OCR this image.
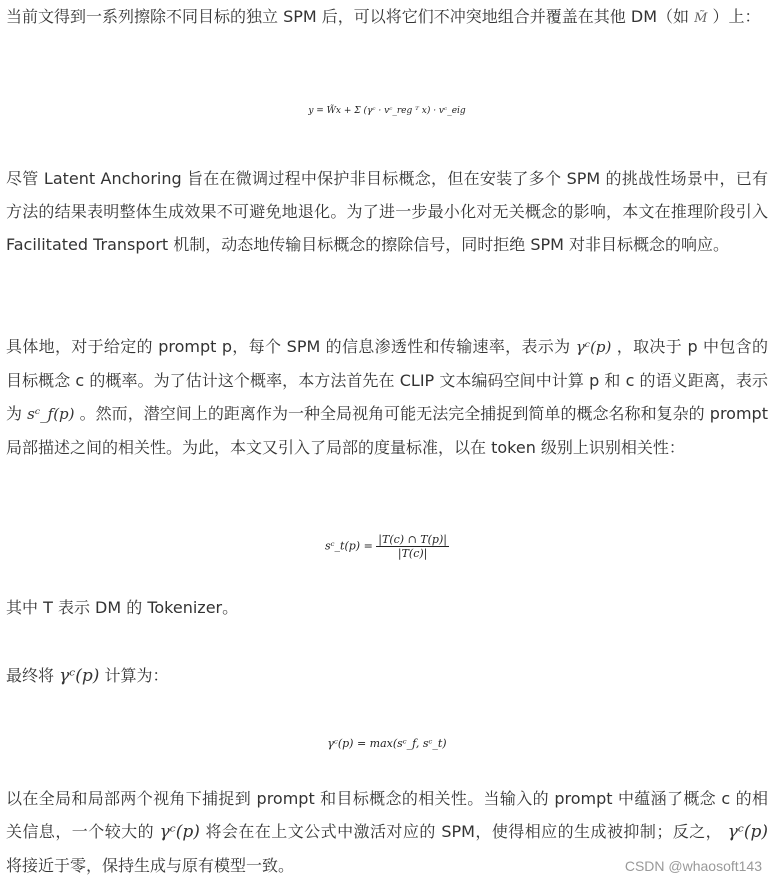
当前文得到一系列擦除不同目标的独立 SPM 后，可以将它们不冲突地组合并覆盖在其他 DM（如 M̃ ）上：

y = W̃x + Σ (γᶜ · vᶜ_reg ᵀ x) · vᶜ_eig

尽管 Latent Anchoring 旨在在微调过程中保护非目标概念，但在安装了多个 SPM 的挑战性场景中，已有方法的结果表明整体生成效果不可避免地退化。为了进一步最小化对无关概念的影响，本文在推理阶段引入 Facilitated Transport 机制，动态地传输目标概念的擦除信号，同时拒绝 SPM 对非目标概念的响应。

具体地，对于给定的 prompt p，每个 SPM 的信息渗透性和传输速率，表示为 γᶜ(p) ，取决于 p 中包含的目标概念 c 的概率。为了估计这个概率，本方法首先在 CLIP 文本编码空间中计算 p 和 c 的语义距离，表示为 sᶜ_f(p) 。然而，潜空间上的距离作为一种全局视角可能无法完全捕捉到简单的概念名称和复杂的 prompt 局部描述之间的相关性。为此，本文又引入了局部的度量标准，以在 token 级别上识别相关性：

sᶜ_t(p) = $\frac{|T(c) \cap T(p)|}{|T(c)|}$

其中 T 表示 DM 的 Tokenizer。

最终将 γᶜ(p) 计算为：

γᶜ(p) = max(sᶜ_f, sᶜ_t)

以在全局和局部两个视角下捕捉到 prompt 和目标概念的相关性。当输入的 prompt 中蕴涵了概念 c 的相关信息，一个较大的 γᶜ(p) 将会在在上文公式中激活对应的 SPM，使得相应的生成被抑制；反之， γᶜ(p) 将接近于零，保持生成与原有模型一致。	CSDN @whaosoft143
